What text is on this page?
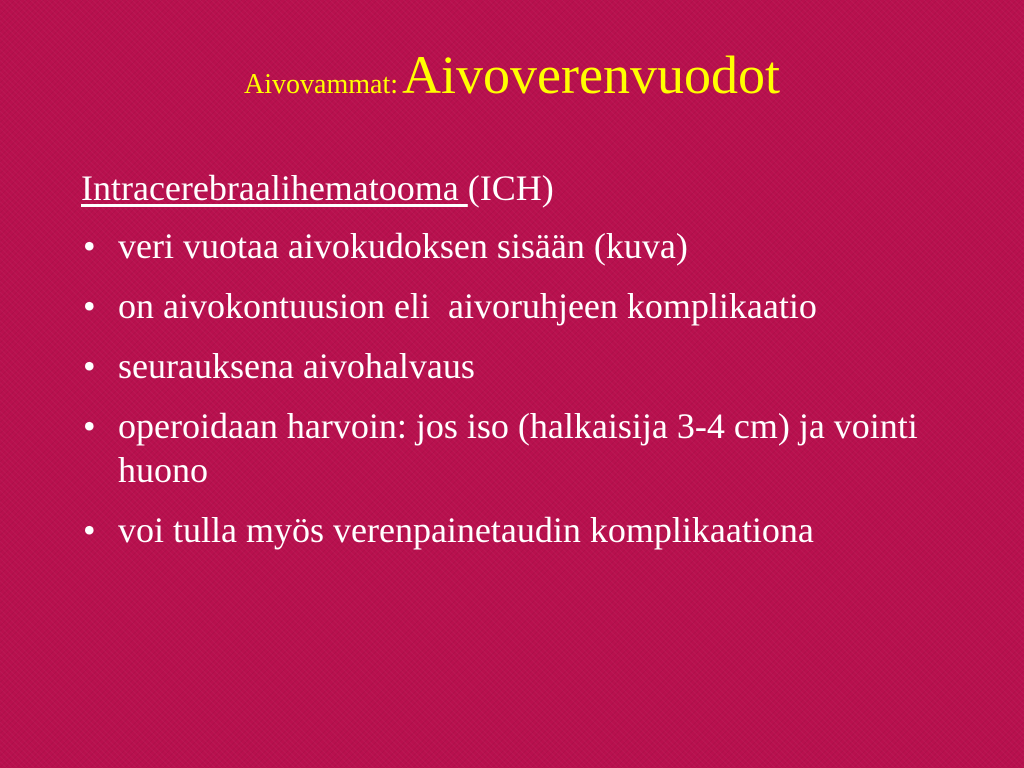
Aivovammat: Aivoverenvuodot
Intracerebraalihematooma (ICH)
• veri vuotaa aivokudoksen sisään (kuva)
• on aivokontuusion eli  aivoruhjeen komplikaatio
• seurauksena aivohalvaus
• operoidaan harvoin: jos iso (halkaisija 3-4 cm) ja vointi huono
• voi tulla myös verenpainetaudin komplikaationa
